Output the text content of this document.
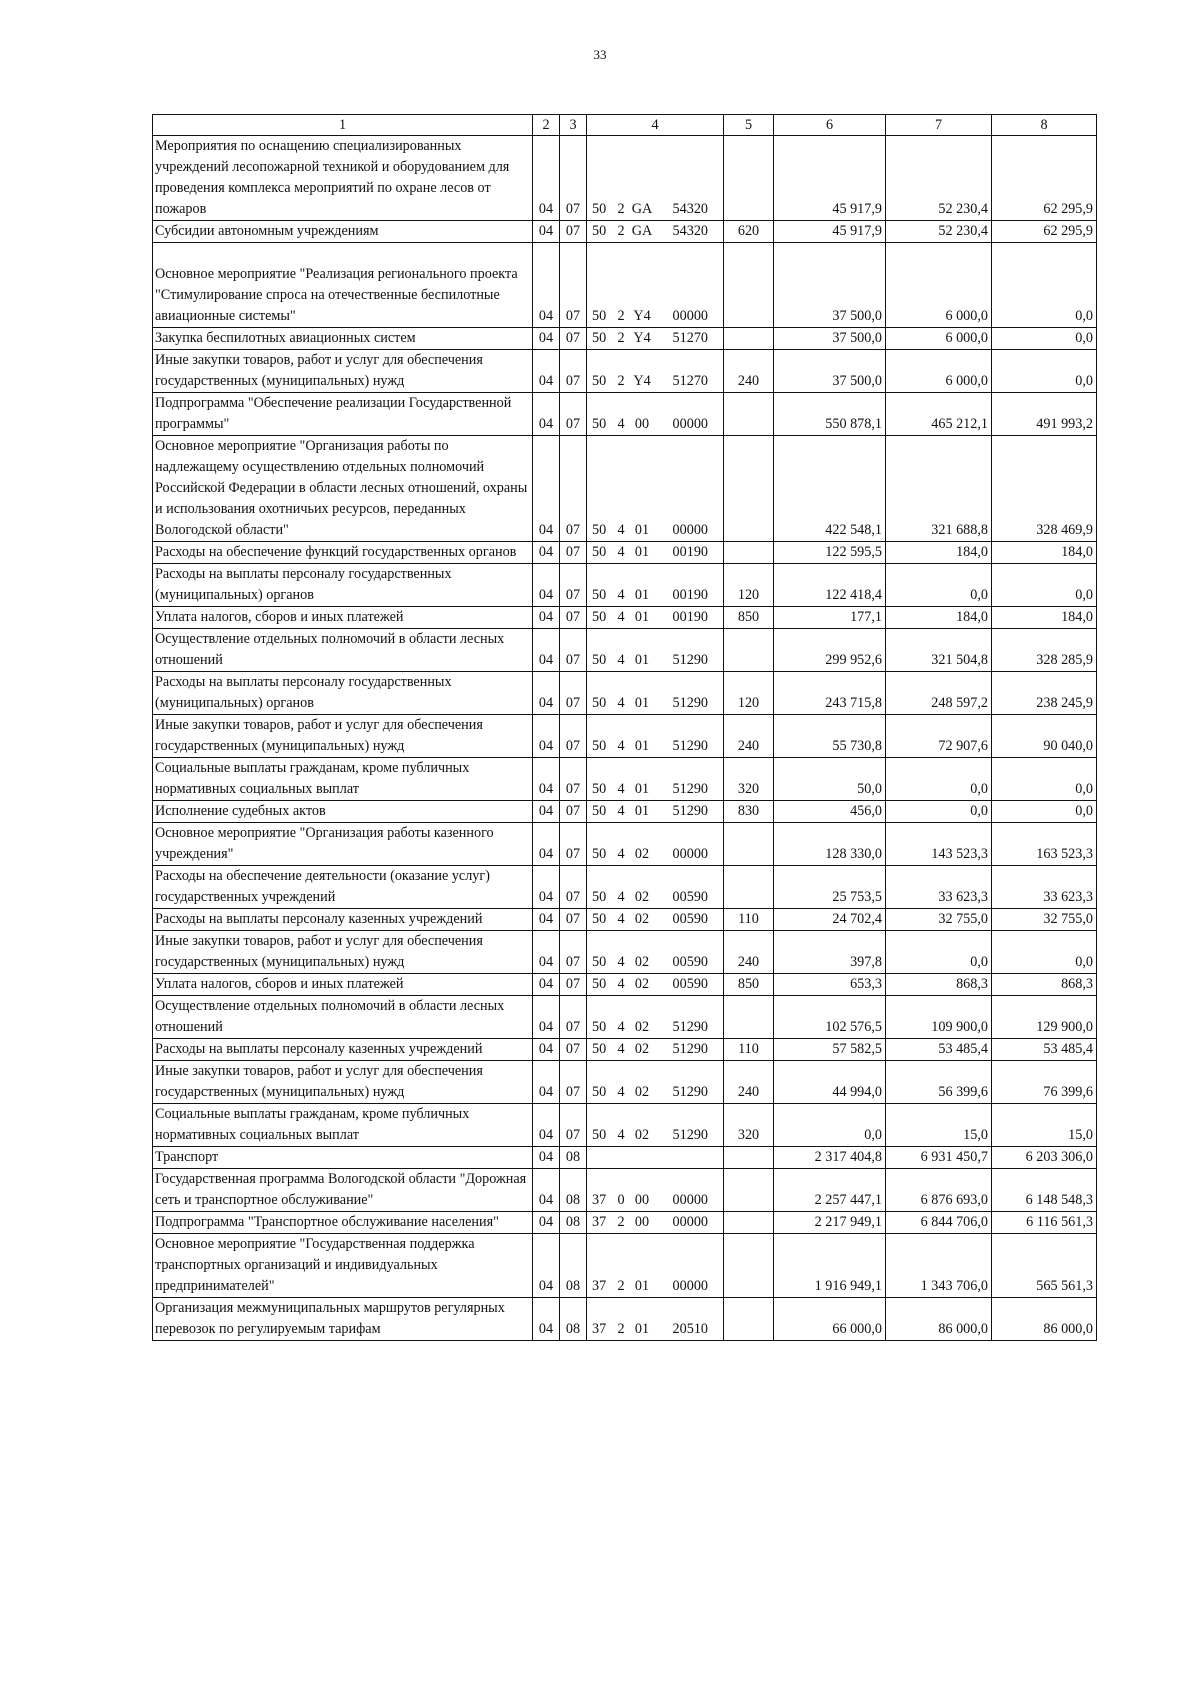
33
1	2	3	4	5	6	7	8
Мероприятия по оснащению специализированных учреждений лесопожарной техникой и оборудованием для проведения комплекса мероприятий по охране лесов от пожаров	04	07	50 2 GA 54320		45 917,9	52 230,4	62 295,9
Субсидии автономным учреждениям	04	07	50 2 GA 54320	620	45 917,9	52 230,4	62 295,9
Основное мероприятие "Реализация регионального проекта "Стимулирование спроса на отечественные беспилотные авиационные системы"	04	07	50 2 Y4 00000		37 500,0	6 000,0	0,0
Закупка беспилотных авиационных систем	04	07	50 2 Y4 51270		37 500,0	6 000,0	0,0
Иные закупки товаров, работ и услуг для обеспечения государственных (муниципальных) нужд	04	07	50 2 Y4 51270	240	37 500,0	6 000,0	0,0
Подпрограмма "Обеспечение реализации Государственной программы"	04	07	50 4 00 00000		550 878,1	465 212,1	491 993,2
Основное мероприятие "Организация работы по надлежащему осуществлению отдельных полномочий Российской Федерации в области лесных отношений, охраны и использования охотничьих ресурсов, переданных Вологодской области"	04	07	50 4 01 00000		422 548,1	321 688,8	328 469,9
Расходы на обеспечение функций государственных органов	04	07	50 4 01 00190		122 595,5	184,0	184,0
Расходы на выплаты персоналу государственных (муниципальных) органов	04	07	50 4 01 00190	120	122 418,4	0,0	0,0
Уплата налогов, сборов и иных платежей	04	07	50 4 01 00190	850	177,1	184,0	184,0
Осуществление отдельных полномочий в области лесных отношений	04	07	50 4 01 51290		299 952,6	321 504,8	328 285,9
Расходы на выплаты персоналу государственных (муниципальных) органов	04	07	50 4 01 51290	120	243 715,8	248 597,2	238 245,9
Иные закупки товаров, работ и услуг для обеспечения государственных (муниципальных) нужд	04	07	50 4 01 51290	240	55 730,8	72 907,6	90 040,0
Социальные выплаты гражданам, кроме публичных нормативных социальных выплат	04	07	50 4 01 51290	320	50,0	0,0	0,0
Исполнение судебных актов	04	07	50 4 01 51290	830	456,0	0,0	0,0
Основное мероприятие "Организация работы казенного учреждения"	04	07	50 4 02 00000		128 330,0	143 523,3	163 523,3
Расходы на обеспечение деятельности (оказание услуг) государственных учреждений	04	07	50 4 02 00590		25 753,5	33 623,3	33 623,3
Расходы на выплаты персоналу казенных учреждений	04	07	50 4 02 00590	110	24 702,4	32 755,0	32 755,0
Иные закупки товаров, работ и услуг для обеспечения государственных (муниципальных) нужд	04	07	50 4 02 00590	240	397,8	0,0	0,0
Уплата налогов, сборов и иных платежей	04	07	50 4 02 00590	850	653,3	868,3	868,3
Осуществление отдельных полномочий в области лесных отношений	04	07	50 4 02 51290		102 576,5	109 900,0	129 900,0
Расходы на выплаты персоналу казенных учреждений	04	07	50 4 02 51290	110	57 582,5	53 485,4	53 485,4
Иные закупки товаров, работ и услуг для обеспечения государственных (муниципальных) нужд	04	07	50 4 02 51290	240	44 994,0	56 399,6	76 399,6
Социальные выплаты гражданам, кроме публичных нормативных социальных выплат	04	07	50 4 02 51290	320	0,0	15,0	15,0
Транспорт	04	08			2 317 404,8	6 931 450,7	6 203 306,0
Государственная программа Вологодской области "Дорожная сеть и транспортное обслуживание"	04	08	37 0 00 00000		2 257 447,1	6 876 693,0	6 148 548,3
Подпрограмма "Транспортное обслуживание населения"	04	08	37 2 00 00000		2 217 949,1	6 844 706,0	6 116 561,3
Основное мероприятие "Государственная поддержка транспортных организаций и индивидуальных предпринимателей"	04	08	37 2 01 00000		1 916 949,1	1 343 706,0	565 561,3
Организация межмуниципальных маршрутов регулярных перевозок по регулируемым тарифам	04	08	37 2 01 20510		66 000,0	86 000,0	86 000,0
